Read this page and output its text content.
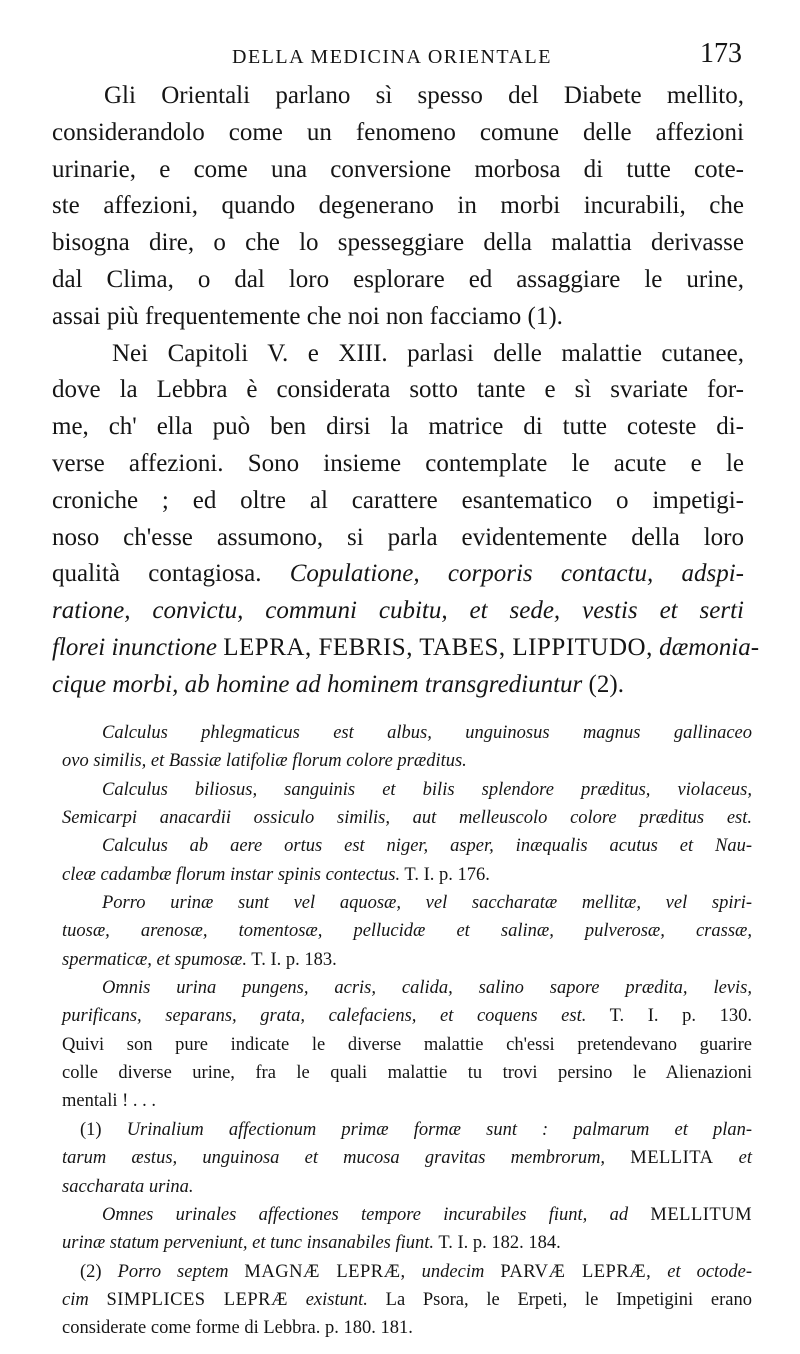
DELLA MEDICINA ORIENTALE	173
Gli Orientali parlano sì spesso del Diabete mellito,
considerandolo come un fenomeno comune delle affezioni
urinarie, e come una conversione morbosa di tutte cote-
ste affezioni, quando degenerano in morbi incurabili, che
bisogna dire, o che lo spesseggiare della malattia derivasse
dal Clima, o dal loro esplorare ed assaggiare le urine,
assai più frequentemente che noi non facciamo (1).
Nei Capitoli V. e XIII. parlasi delle malattie cutanee,
dove la Lebbra è considerata sotto tante e sì svariate for-
me, ch' ella può ben dirsi la matrice di tutte coteste di-
verse affezioni. Sono insieme contemplate le acute e le
croniche ; ed oltre al carattere esantematico o impetigi-
noso ch'esse assumono, si parla evidentemente della loro
qualità contagiosa. Copulatione, corporis contactu, adspi-
ratione, convictu, communi cubitu, et sede, vestis et serti
florei inunctione LEPRA, FEBRIS, TABES, LIPPITUDO, dæmonia-
cique morbi, ab homine ad hominem transgrediuntur (2).
Calculus phlegmaticus est albus, unguinosus magnus gallinaceo
ovo similis, et Bassiæ latifoliæ florum colore præditus.
Calculus biliosus, sanguinis et bilis splendore præditus, violaceus,
Semicarpi anacardii ossiculo similis, aut melleuscolo colore præditus est.
Calculus ab aere ortus est niger, asper, inæqualis acutus et Nau-
cleæ cadambæ florum instar spinis contectus. T. I. p. 176.
Porro urinæ sunt vel aquosæ, vel saccharatæ mellitæ, vel spiri-
tuosæ, arenosæ, tomentosæ, pellucidæ et salinæ, pulverosæ, crassæ,
spermaticæ, et spumosæ. T. I. p. 183.
Omnis urina pungens, acris, calida, salino sapore prædita, levis,
purificans, separans, grata, calefaciens, et coquens est. T. I. p. 130.
Quivi son pure indicate le diverse malattie ch'essi pretendevano guarire
colle diverse urine, fra le quali malattie tu trovi persino le Alienazioni
mentali ! . . .
(1) Urinalium affectionum primæ formæ sunt : palmarum et plan-
tarum æstus, unguinosa et mucosa gravitas membrorum, MELLITA et
saccharata urina.
Omnes urinales affectiones tempore incurabiles fiunt, ad MELLITUM
urinæ statum perveniunt, et tunc insanabiles fiunt. T. I. p. 182. 184.
(2) Porro septem MAGNÆ LEPRÆ, undecim PARVÆ LEPRÆ, et octode-
cim SIMPLICES LEPRÆ existunt. La Psora, le Erpeti, le Impetigini erano
considerate come forme di Lebbra. p. 180. 181.
